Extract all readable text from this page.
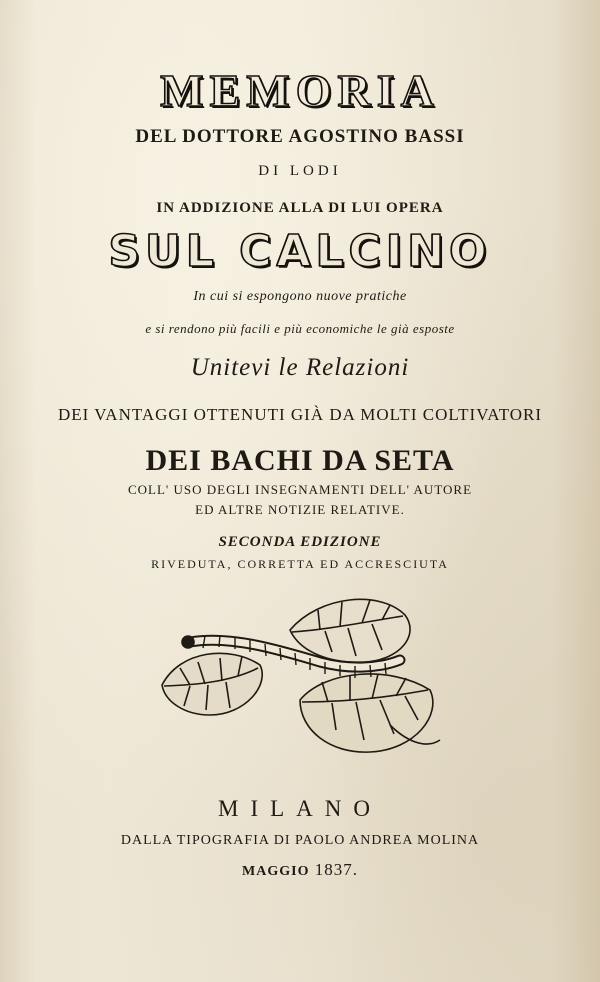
MEMORIA
DEL DOTTORE AGOSTINO BASSI
DI LODI
IN ADDIZIONE ALLA DI LUI OPERA
SUL CALCINO
In cui si espongono nuove pratiche
e si rendono più facili e più economiche le già esposte
Unitevi le Relazioni
DEI VANTAGGI OTTENUTI GIÀ DA MOLTI COLTIVATORI
DEI BACHI DA SETA
COLL' USO DEGLI INSEGNAMENTI DELL' AUTORE
ED ALTRE NOTIZIE RELATIVE.
SECONDA EDIZIONE
RIVEDUTA, CORRETTA ED ACCRESCIUTA
MILANO
DALLA TIPOGRAFIA DI PAOLO ANDREA MOLINA
MAGGIO 1837.
